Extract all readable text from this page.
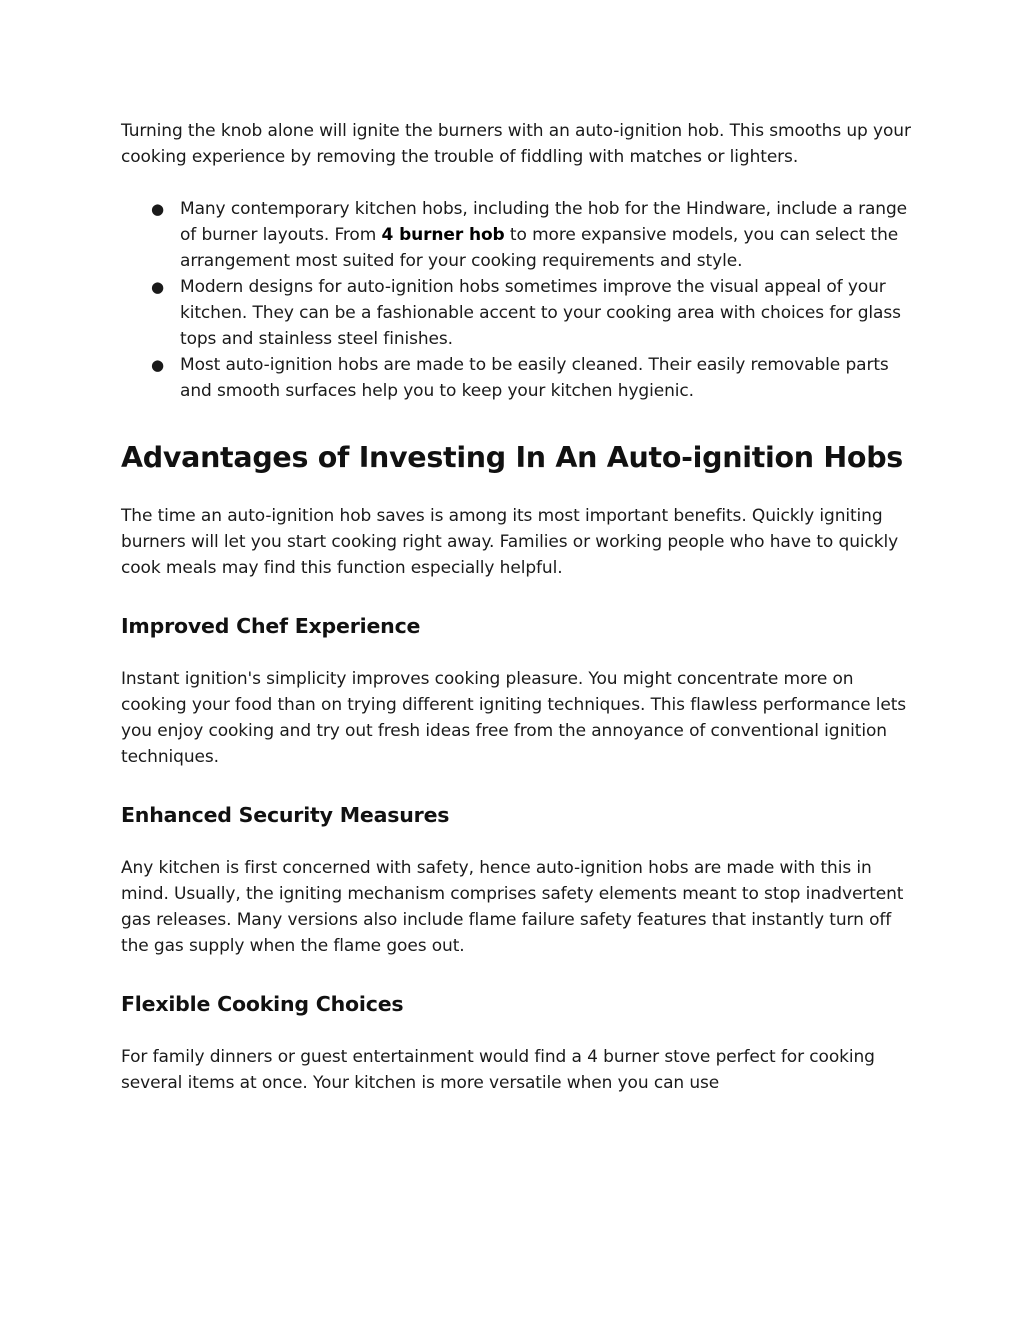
Turning the knob alone will ignite the burners with an auto-ignition hob. This smooths up your cooking experience by removing the trouble of fiddling with matches or lighters.

● Many contemporary kitchen hobs, including the hob for the Hindware, include a range of burner layouts. From 4 burner hob to more expansive models, you can select the arrangement most suited for your cooking requirements and style.
● Modern designs for auto-ignition hobs sometimes improve the visual appeal of your kitchen. They can be a fashionable accent to your cooking area with choices for glass tops and stainless steel finishes.
● Most auto-ignition hobs are made to be easily cleaned. Their easily removable parts and smooth surfaces help you to keep your kitchen hygienic.
Advantages of Investing In An Auto-ignition Hobs

The time an auto-ignition hob saves is among its most important benefits. Quickly igniting burners will let you start cooking right away. Families or working people who have to quickly cook meals may find this function especially helpful.

Improved Chef Experience

Instant ignition's simplicity improves cooking pleasure. You might concentrate more on cooking your food than on trying different igniting techniques. This flawless performance lets you enjoy cooking and try out fresh ideas free from the annoyance of conventional ignition techniques.

Enhanced Security Measures

Any kitchen is first concerned with safety, hence auto-ignition hobs are made with this in mind. Usually, the igniting mechanism comprises safety elements meant to stop inadvertent gas releases. Many versions also include flame failure safety features that instantly turn off the gas supply when the flame goes out.

Flexible Cooking Choices

For family dinners or guest entertainment would find a 4 burner stove perfect for cooking several items at once. Your kitchen is more versatile when you can use
